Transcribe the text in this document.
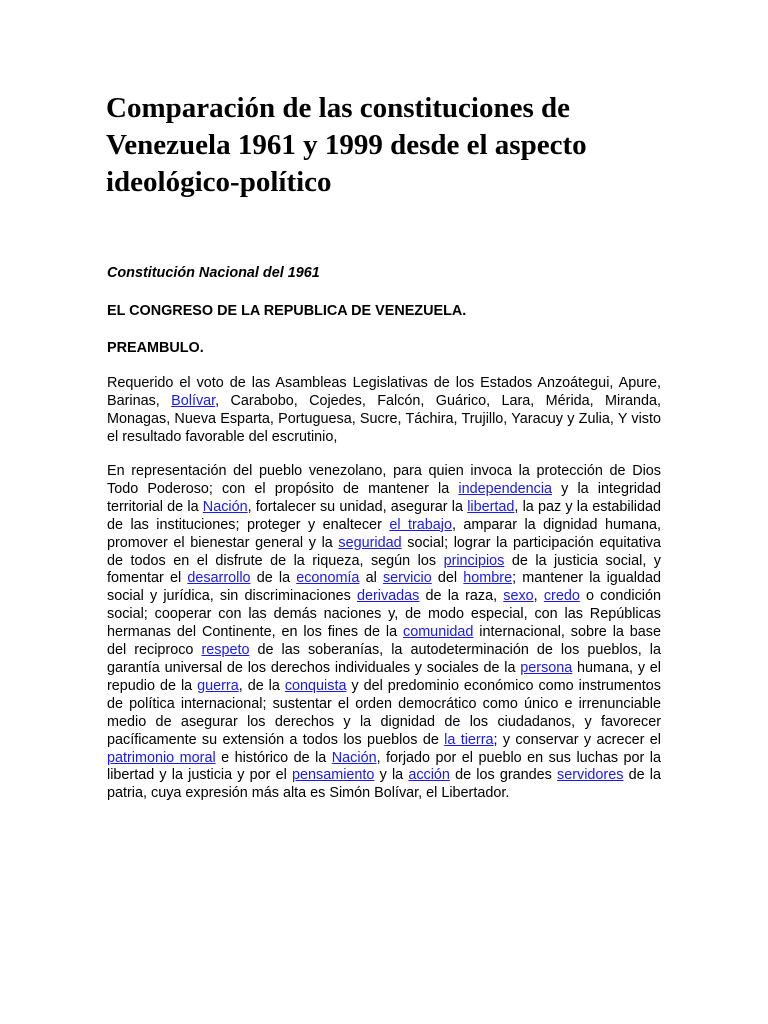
Comparación de las constituciones de Venezuela 1961 y 1999 desde el aspecto ideológico-político

Constitución Nacional del 1961

EL CONGRESO DE LA REPUBLICA DE VENEZUELA.

PREAMBULO.

Requerido el voto de las Asambleas Legislativas de los Estados Anzoátegui, Apure, Barinas, Bolívar, Carabobo, Cojedes, Falcón, Guárico, Lara, Mérida, Miranda, Monagas, Nueva Esparta, Portuguesa, Sucre, Táchira, Trujillo, Yaracuy y Zulia, Y visto el resultado favorable del escrutinio,

En representación del pueblo venezolano, para quien invoca la protección de Dios Todo Poderoso; con el propósito de mantener la independencia y la integridad territorial de la Nación, fortalecer su unidad, asegurar la libertad, la paz y la estabilidad de las instituciones; proteger y enaltecer el trabajo, amparar la dignidad humana, promover el bienestar general y la seguridad social; lograr la participación equitativa de todos en el disfrute de la riqueza, según los principios de la justicia social, y fomentar el desarrollo de la economía al servicio del hombre; mantener la igualdad social y jurídica, sin discriminaciones derivadas de la raza, sexo, credo o condición social; cooperar con las demás naciones y, de modo especial, con las Repúblicas hermanas del Continente, en los fines de la comunidad internacional, sobre la base del reciproco respeto de las soberanías, la autodeterminación de los pueblos, la garantía universal de los derechos individuales y sociales de la persona humana, y el repudio de la guerra, de la conquista y del predominio económico como instrumentos de política internacional; sustentar el orden democrático como único e irrenunciable medio de asegurar los derechos y la dignidad de los ciudadanos, y favorecer pacíficamente su extensión a todos los pueblos de la tierra; y conservar y acrecer el patrimonio moral e histórico de la Nación, forjado por el pueblo en sus luchas por la libertad y la justicia y por el pensamiento y la acción de los grandes servidores de la patria, cuya expresión más alta es Simón Bolívar, el Libertador.
